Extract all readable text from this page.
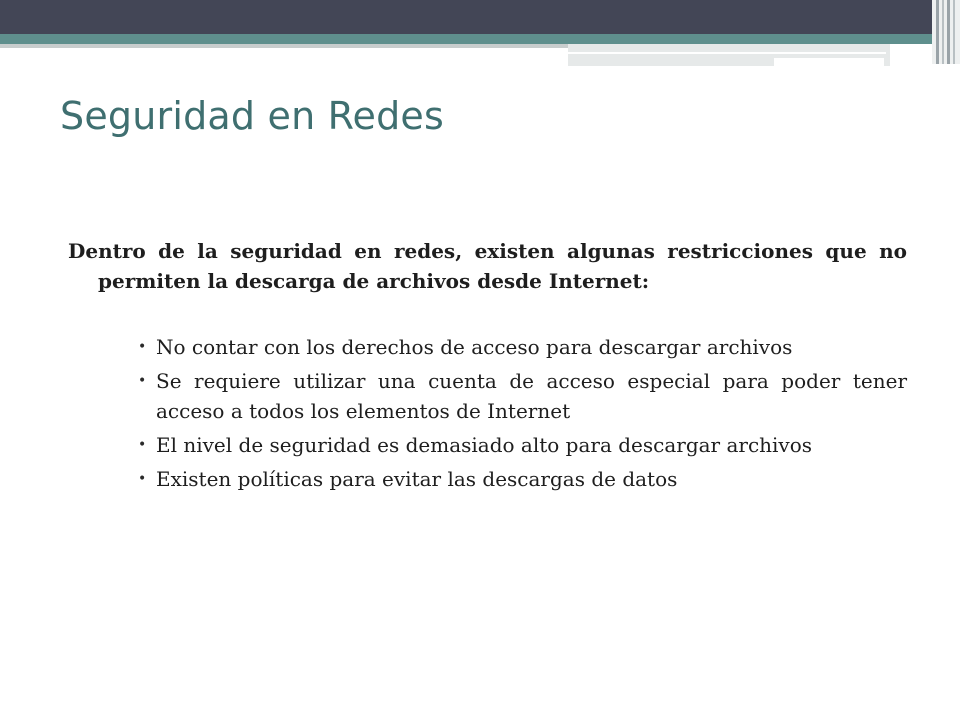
Seguridad en Redes

Dentro de la seguridad en redes, existen algunas restricciones que no permiten la descarga de archivos desde Internet:

• No contar con los derechos de acceso para descargar archivos
• Se requiere utilizar una cuenta de acceso especial para poder tener acceso a todos los elementos de Internet
• El nivel de seguridad es demasiado alto para descargar archivos
• Existen políticas para evitar las descargas de datos
